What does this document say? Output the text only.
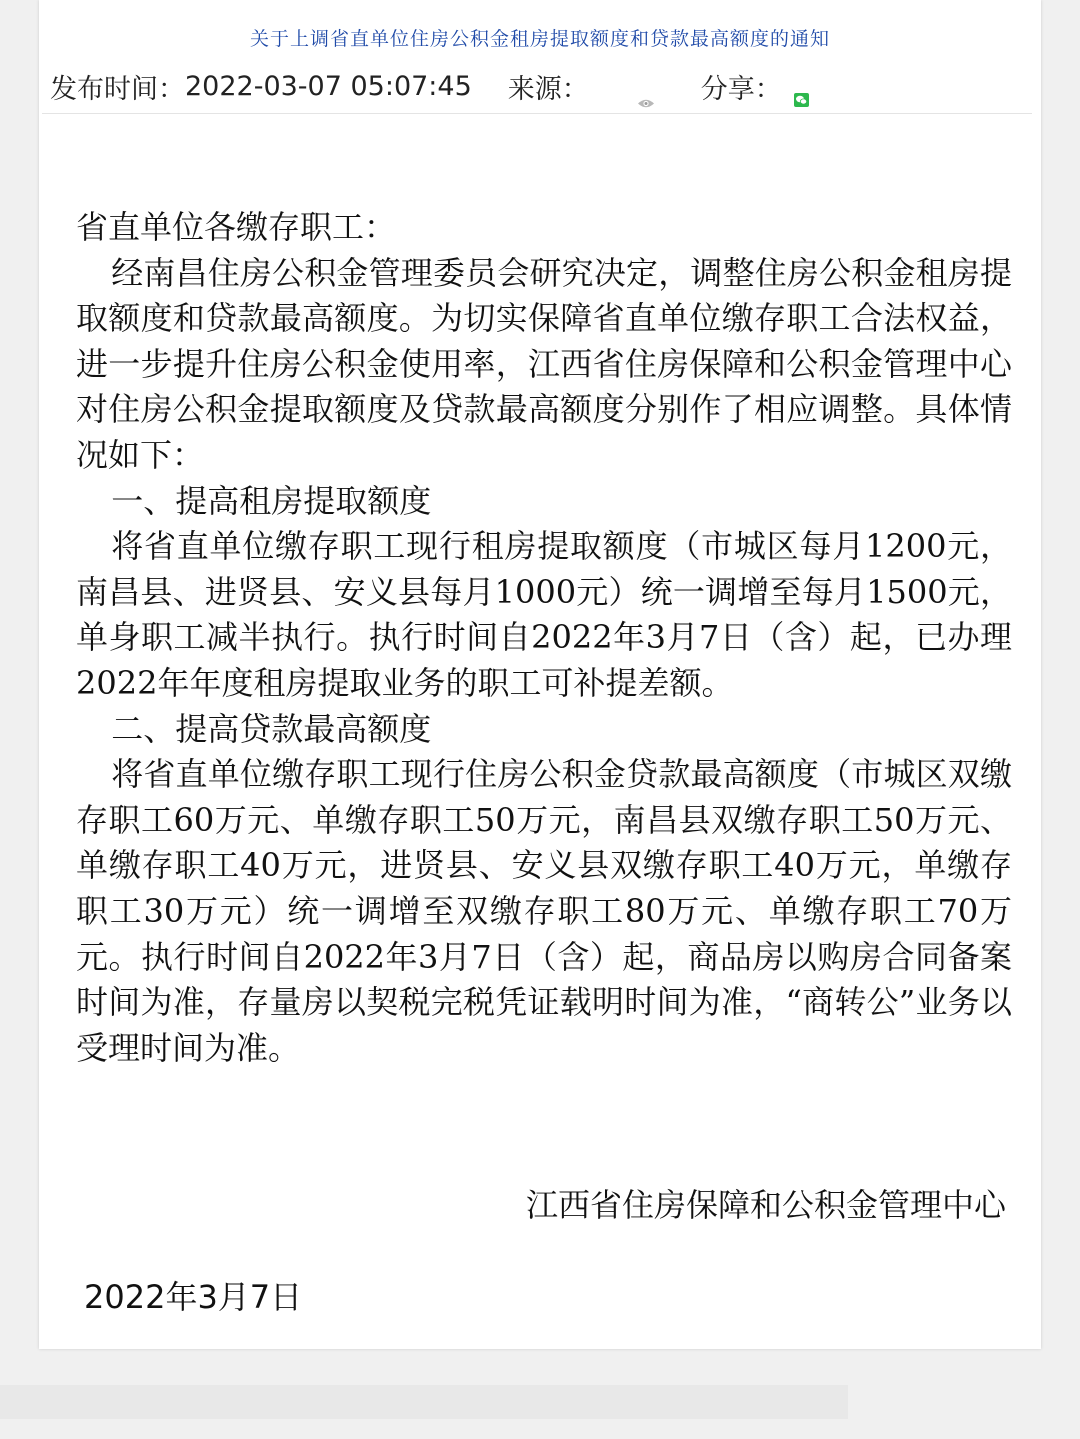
关于上调省直单位住房公积金租房提取额度和贷款最高额度的通知
发布时间： 2022-03-07 05:07:45 来源：	分享：

省直单位各缴存职工：

经南昌住房公积金管理委员会研究决定，调整住房公积金租房提取额度和贷款最高额度。为切实保障省直单位缴存职工合法权益，进一步提升住房公积金使用率，江西省住房保障和公积金管理中心对住房公积金提取额度及贷款最高额度分别作了相应调整。具体情况如下：

一、提高租房提取额度

将省直单位缴存职工现行租房提取额度（市城区每月1200元，南昌县、进贤县、安义县每月1000元）统一调增至每月1500元，单身职工减半执行。执行时间自2022年3月7日（含）起，已办理2022年年度租房提取业务的职工可补提差额。

二、提高贷款最高额度

将省直单位缴存职工现行住房公积金贷款最高额度（市城区双缴存职工60万元、单缴存职工50万元，南昌县双缴存职工50万元、单缴存职工40万元，进贤县、安义县双缴存职工40万元，单缴存职工30万元）统一调增至双缴存职工80万元、单缴存职工70万元。执行时间自2022年3月7日（含）起，商品房以购房合同备案时间为准，存量房以契税完税凭证载明时间为准，“商转公”业务以受理时间为准。

江西省住房保障和公积金管理中心
2022年3月7日
